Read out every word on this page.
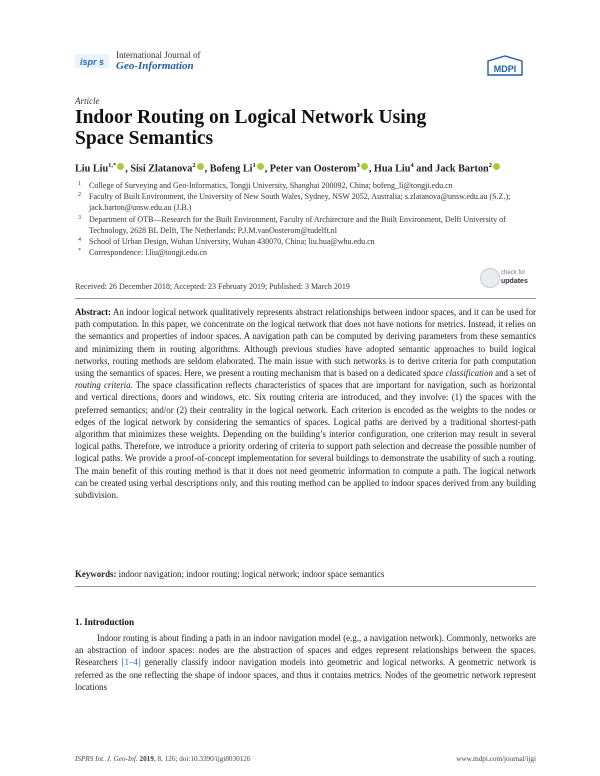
ispr s
International Journal of
Geo-Information	MDPI
Article
Indoor Routing on Logical Network Using Space Semantics
Liu Liu$^{1,*}$ , Sisi Zlatanova$^2$ , Bofeng Li$^1$ , Peter van Oosterom$^3$ , Hua Liu$^4$ and Jack Barton$^2$
1 College of Surveying and Geo-Informatics, Tongji University, Shanghai 200092, China; bofeng_li@tongji.edu.cn
2 Faculty of Built Environment, the University of New South Wales, Sydney, NSW 2052, Australia; s.zlatanova@unsw.edu.au (S.Z.); jack.barton@unsw.edu.au (J.B.)
3 Department of OTB—Research for the Built Environment, Faculty of Architecture and the Built Environment, Delft University of Technology, 2628 BL Delft, The Netherlands; P.J.M.vanOosterom@tudelft.nl
4 School of Urban Design, Wuhan University, Wuhan 430070, China; liu.hua@whu.edu.cn
* Correspondence: l.liu@tongji.edu.cn
check for
updates
Received: 26 December 2018; Accepted: 23 February 2019; Published: 3 March 2019
Abstract: An indoor logical network qualitatively represents abstract relationships between indoor spaces, and it can be used for path computation. In this paper, we concentrate on the logical network that does not have notions for metrics. Instead, it relies on the semantics and properties of indoor spaces. A navigation path can be computed by deriving parameters from these semantics and minimizing them in routing algorithms. Although previous studies have adopted semantic approaches to build logical networks, routing methods are seldom elaborated. The main issue with such networks is to derive criteria for path computation using the semantics of spaces. Here, we present a routing mechanism that is based on a dedicated space classification and a set of routing criteria. The space classification reflects characteristics of spaces that are important for navigation, such as horizontal and vertical directions, doors and windows, etc. Six routing criteria are introduced, and they involve: (1) the spaces with the preferred semantics; and/or (2) their centrality in the logical network. Each criterion is encoded as the weights to the nodes or edges of the logical network by considering the semantics of spaces. Logical paths are derived by a traditional shortest-path algorithm that minimizes these weights. Depending on the building’s interior configuration, one criterion may result in several logical paths. Therefore, we introduce a priority ordering of criteria to support path selection and decrease the possible number of logical paths. We provide a proof-of-concept implementation for several buildings to demonstrate the usability of such a routing. The main benefit of this routing method is that it does not need geometric information to compute a path. The logical network can be created using verbal descriptions only, and this routing method can be applied to indoor spaces derived from any building subdivision.
Keywords: indoor navigation; indoor routing; logical network; indoor space semantics
1. Introduction
Indoor routing is about finding a path in an indoor navigation model (e.g., a navigation network). Commonly, networks are an abstraction of indoor spaces: nodes are the abstraction of spaces and edges represent relationships between the spaces. Researchers [1–4] generally classify indoor navigation models into geometric and logical networks. A geometric network is referred as the one reflecting the shape of indoor spaces, and thus it contains metrics. Nodes of the geometric network represent locations
ISPRS Int. J. Geo-Inf. 2019, 8, 126; doi:10.3390/ijgi8030126	www.mdpi.com/journal/ijgi
